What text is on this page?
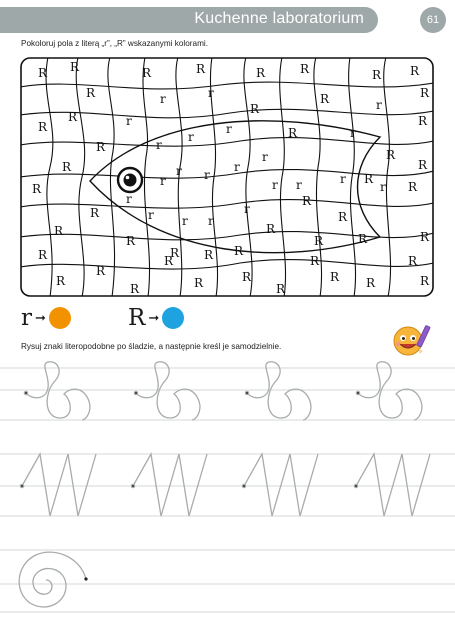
Kuchenne laboratorium	61
Pokoloruj pola z literą „r”, „R” wskazanymi kolorami.
R R	R	R	R	R	R R
R	R	R
R
R
R
R
R
R
R
R	R
R
R
R
R
R
R
R
R
R
R
R	R	R
R
R
R
R
R	R
R	R R
R
R
R
R
R
R
r	r
r
r
r
r
r
r
r
r r
r
r
r	r
r
r
r r r
r
r
r ➞	R ➞
Rysuj znaki literopodobne po śladzie, a następnie kreśl je samodzielnie.
